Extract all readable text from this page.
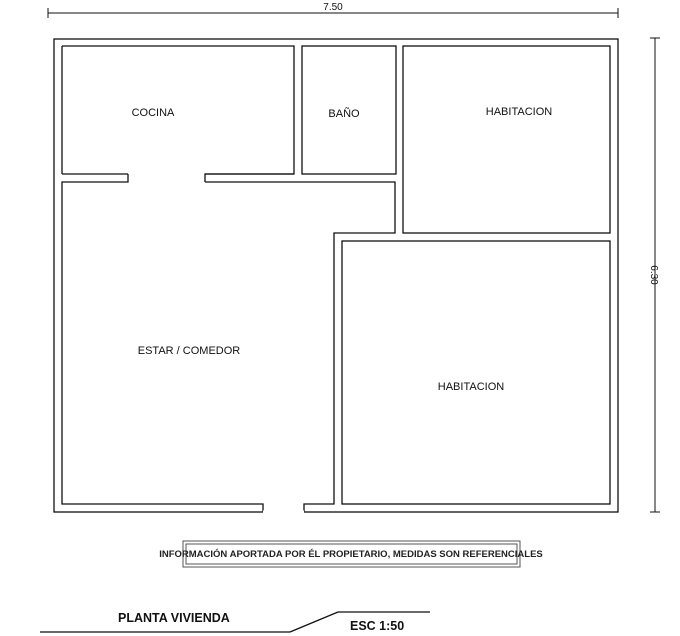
7.50
6.30
COCINA	BAÑO	HABITACION
ESTAR / COMEDOR
HABITACION
INFORMACIÓN APORTADA POR ÉL PROPIETARIO, MEDIDAS SON REFERENCIALES
PLANTA VIVIENDA
ESC 1:50
